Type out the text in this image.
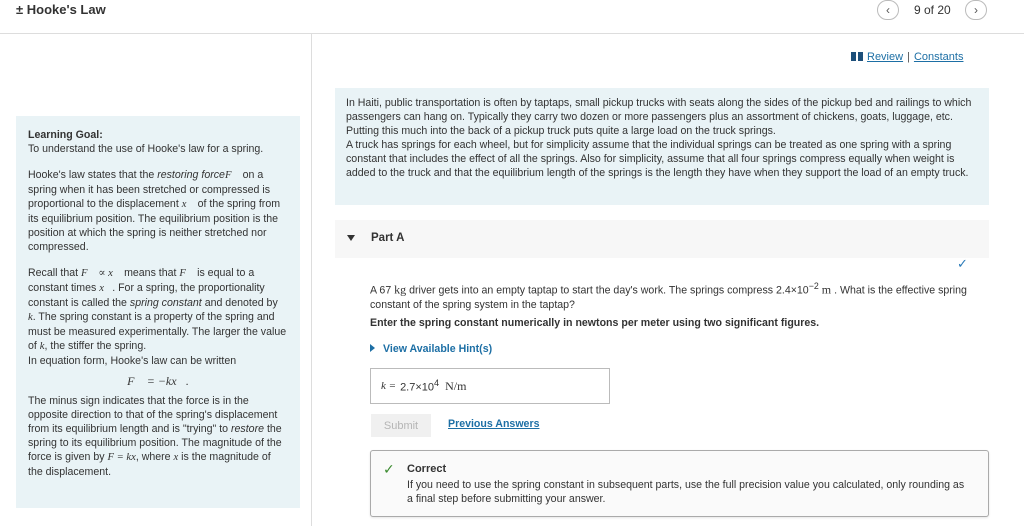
± Hooke's Law	‹ 9 of 20 ›

Learning Goal:
To understand the use of Hooke's law for a spring.

Hooke's law states that the restoring forceF⃗ on a spring when it has been stretched or compressed is proportional to the displacement x⃗ of the spring from its equilibrium position. The equilibrium position is the position at which the spring is neither stretched nor compressed.

Recall that F⃗ ∝ x⃗ means that F⃗ is equal to a constant times x⃗. For a spring, the proportionality constant is called the spring constant and denoted by k. The spring constant is a property of the spring and must be measured experimentally. The larger the value of k, the stiffer the spring.
In equation form, Hooke's law can be written

F⃗ = −kx⃗.

The minus sign indicates that the force is in the opposite direction to that of the spring's displacement from its equilibrium length and is "trying" to restore the spring to its equilibrium position. The magnitude of the force is given by F = kx, where x is the magnitude of the displacement.

Review | Constants
In Haiti, public transportation is often by taptaps, small pickup trucks with seats along the sides of the pickup bed and railings to which passengers can hang on. Typically they carry two dozen or more passengers plus an assortment of chickens, goats, luggage, etc. Putting this much into the back of a pickup truck puts quite a large load on the truck springs.
A truck has springs for each wheel, but for simplicity assume that the individual springs can be treated as one spring with a spring constant that includes the effect of all the springs. Also for simplicity, assume that all four springs compress equally when weight is added to the truck and that the equilibrium length of the springs is the length they have when they support the load of an empty truck.
Part A
✓
A 67 kg driver gets into an empty taptap to start the day's work. The springs compress $2.4\times 10^{-2}$ m . What is the effective spring constant of the spring system in the taptap?
Enter the spring constant numerically in newtons per meter using two significant figures.
View Available Hint(s)
$k = 2.7\times 10^4$ N/m
Submit	Previous Answers
✓ Correct
If you need to use the spring constant in subsequent parts, use the full precision value you calculated, only rounding as a final step before submitting your answer.
